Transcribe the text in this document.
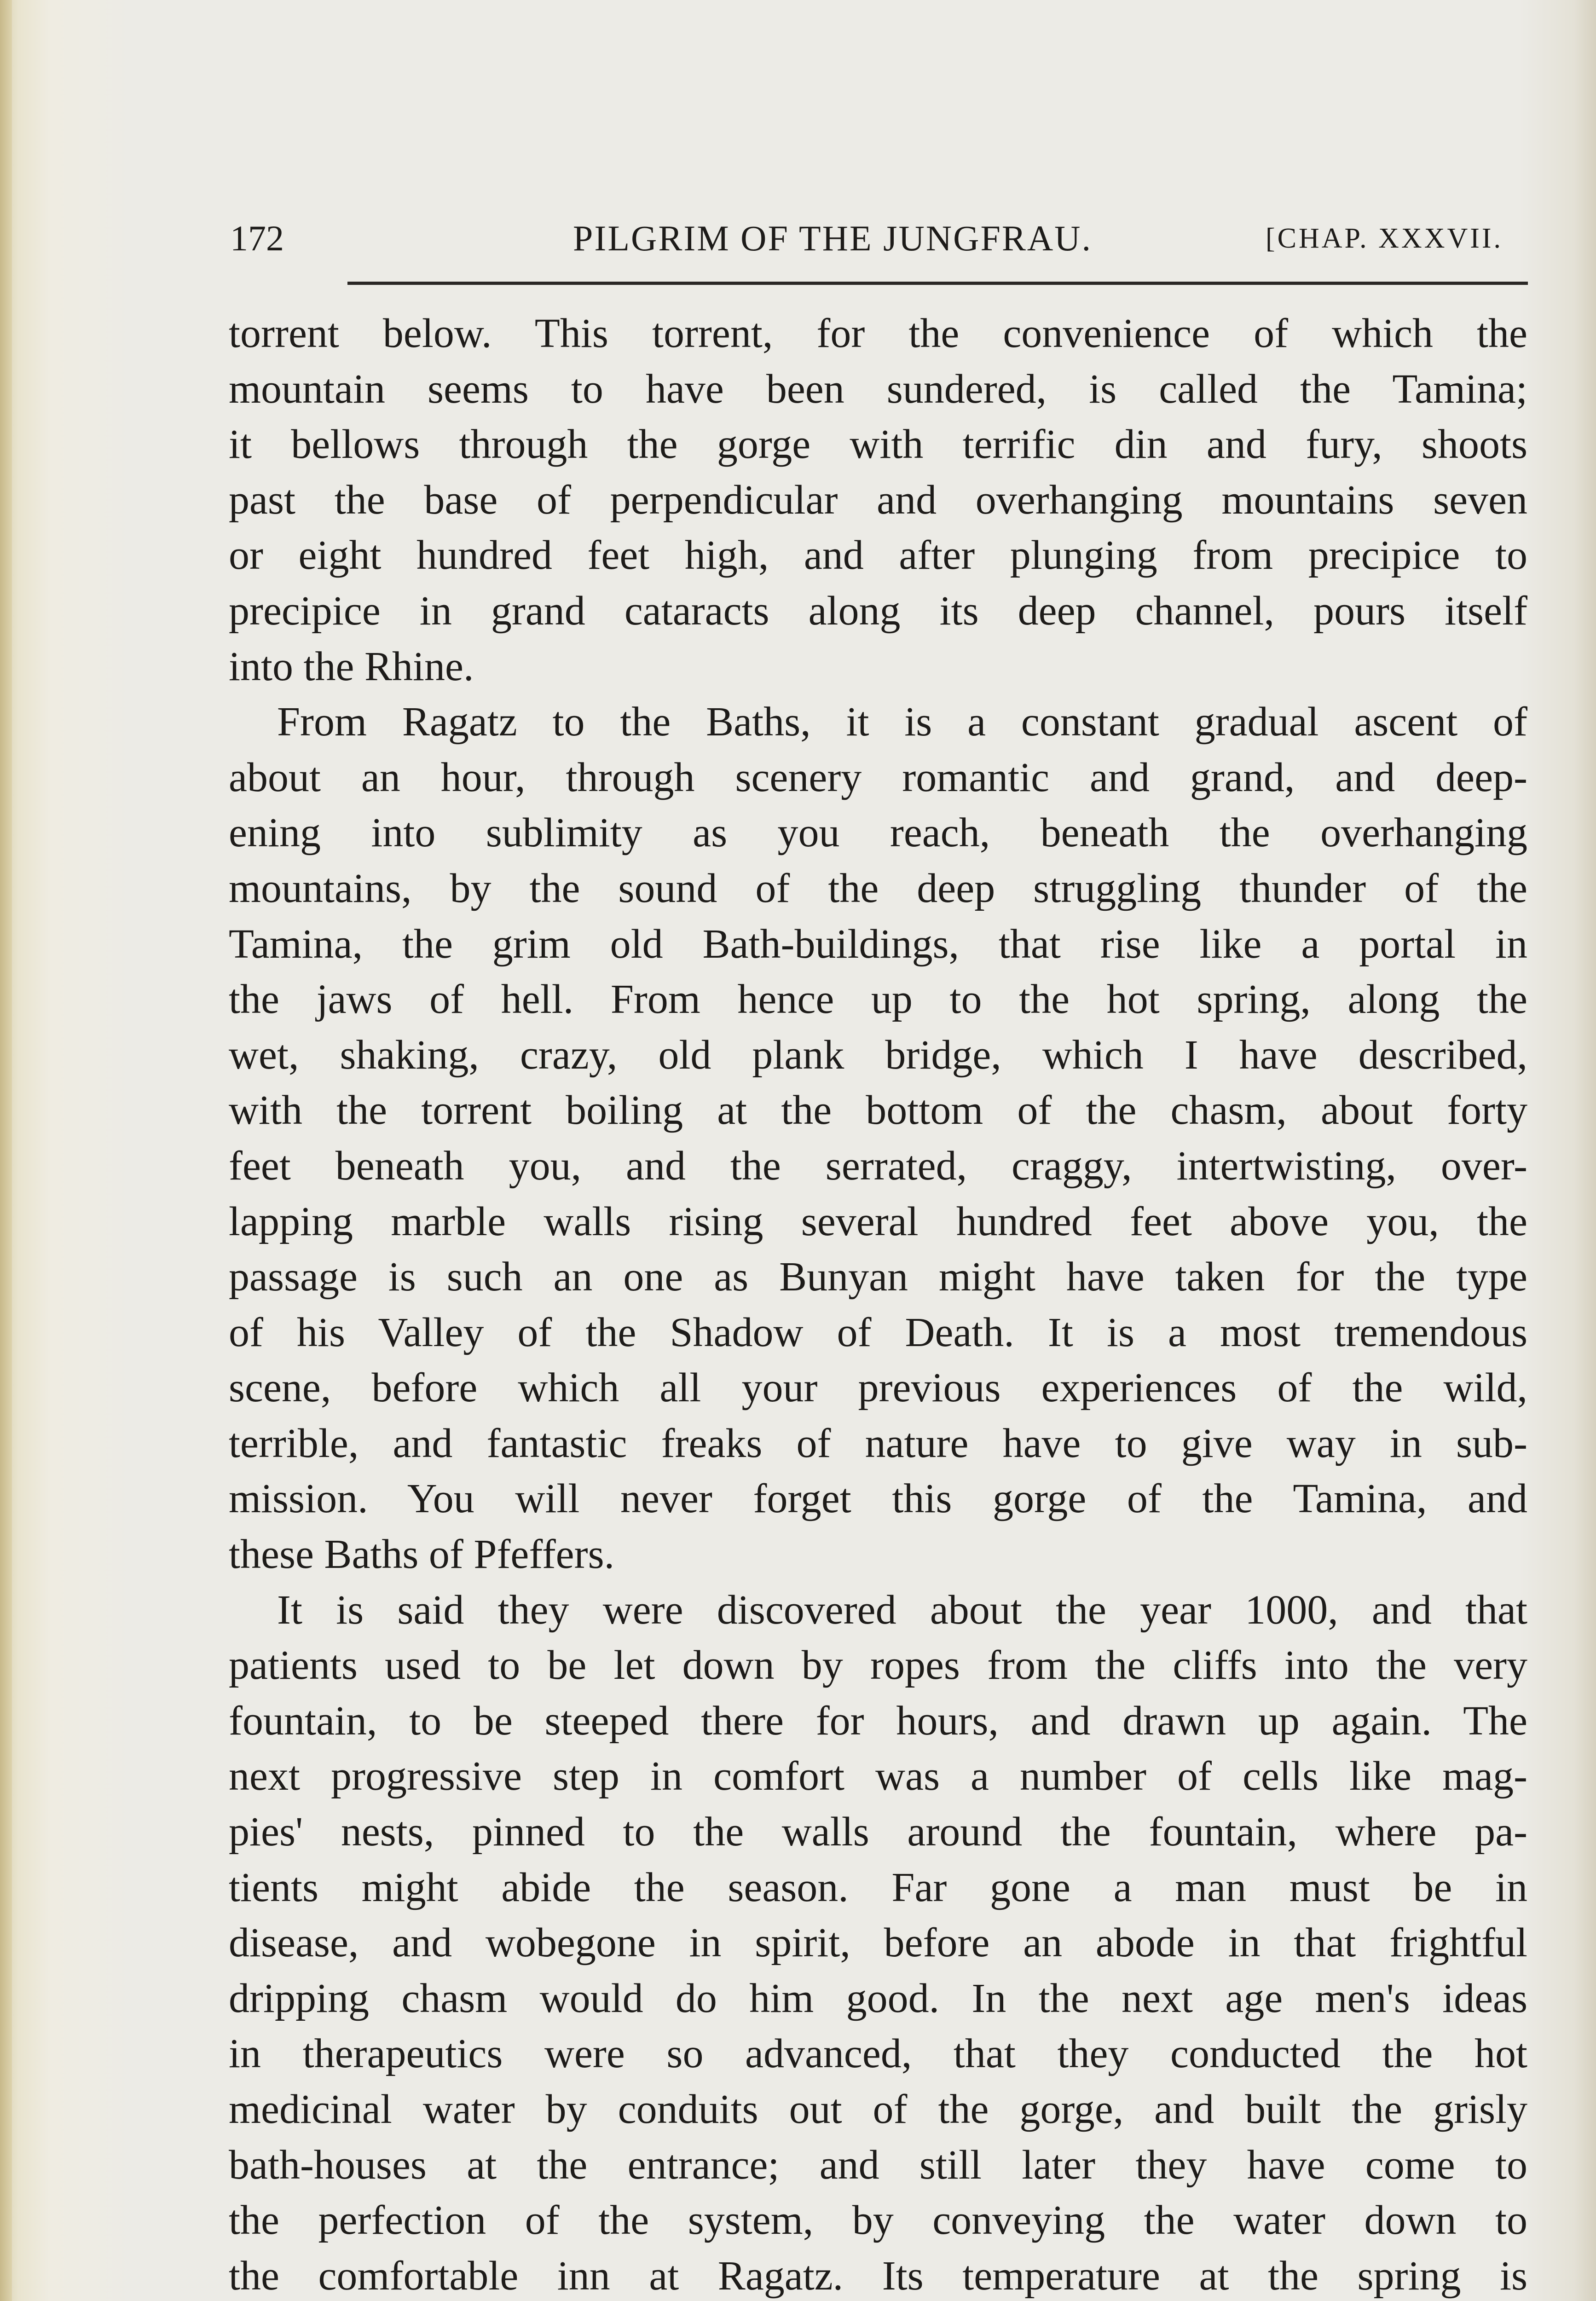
172	PILGRIM OF THE JUNGFRAU.	[CHAP. XXXVII.
torrent below. This torrent, for the convenience of which the
mountain seems to have been sundered, is called the Tamina;
it bellows through the gorge with terrific din and fury, shoots
past the base of perpendicular and overhanging mountains seven
or eight hundred feet high, and after plunging from precipice to
precipice in grand cataracts along its deep channel, pours itself
into the Rhine.
From Ragatz to the Baths, it is a constant gradual ascent of
about an hour, through scenery romantic and grand, and deep-
ening into sublimity as you reach, beneath the overhanging
mountains, by the sound of the deep struggling thunder of the
Tamina, the grim old Bath-buildings, that rise like a portal in
the jaws of hell. From hence up to the hot spring, along the
wet, shaking, crazy, old plank bridge, which I have described,
with the torrent boiling at the bottom of the chasm, about forty
feet beneath you, and the serrated, craggy, intertwisting, over-
lapping marble walls rising several hundred feet above you, the
passage is such an one as Bunyan might have taken for the type
of his Valley of the Shadow of Death. It is a most tremendous
scene, before which all your previous experiences of the wild,
terrible, and fantastic freaks of nature have to give way in sub-
mission. You will never forget this gorge of the Tamina, and
these Baths of Pfeffers.
It is said they were discovered about the year 1000, and that
patients used to be let down by ropes from the cliffs into the very
fountain, to be steeped there for hours, and drawn up again. The
next progressive step in comfort was a number of cells like mag-
pies' nests, pinned to the walls around the fountain, where pa-
tients might abide the season. Far gone a man must be in
disease, and wobegone in spirit, before an abode in that frightful
dripping chasm would do him good. In the next age men's ideas
in therapeutics were so advanced, that they conducted the hot
medicinal water by conduits out of the gorge, and built the grisly
bath-houses at the entrance; and still later they have come to
the perfection of the system, by conveying the water down to
the comfortable inn at Ragatz. Its temperature at the spring is
